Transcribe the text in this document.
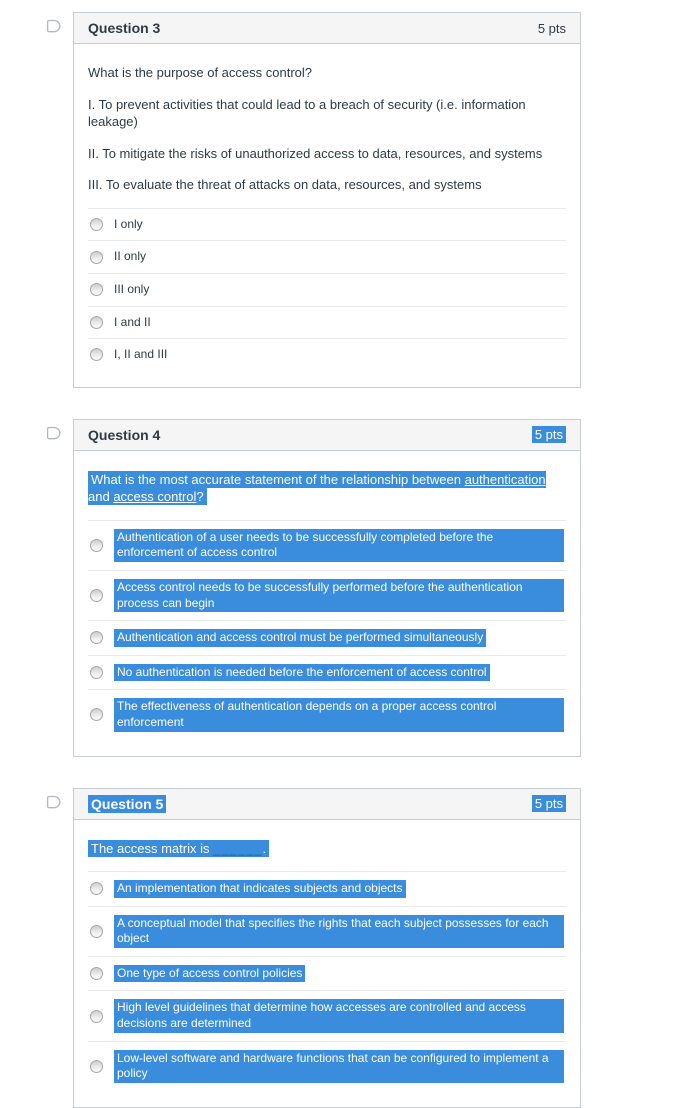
Question 3	5 pts

What is the purpose of access control?

I. To prevent activities that could lead to a breach of security (i.e. information leakage)

II. To mitigate the risks of unauthorized access to data, resources, and systems

III. To evaluate the threat of attacks on data, resources, and systems

I only
II only
III only
I and II
I, II and III
Question 4	5 pts

What is the most accurate statement of the relationship between authentication and access control?

Authentication of a user needs to be successfully completed before the enforcement of access control
Access control needs to be successfully performed before the authentication process can begin
Authentication and access control must be performed simultaneously
No authentication is needed before the enforcement of access control
The effectiveness of authentication depends on a proper access control enforcement
Question 5	5 pts

The access matrix is ______.

An implementation that indicates subjects and objects
A conceptual model that specifies the rights that each subject possesses for each object
One type of access control policies
High level guidelines that determine how accesses are controlled and access decisions are determined
Low-level software and hardware functions that can be configured to implement a policy
